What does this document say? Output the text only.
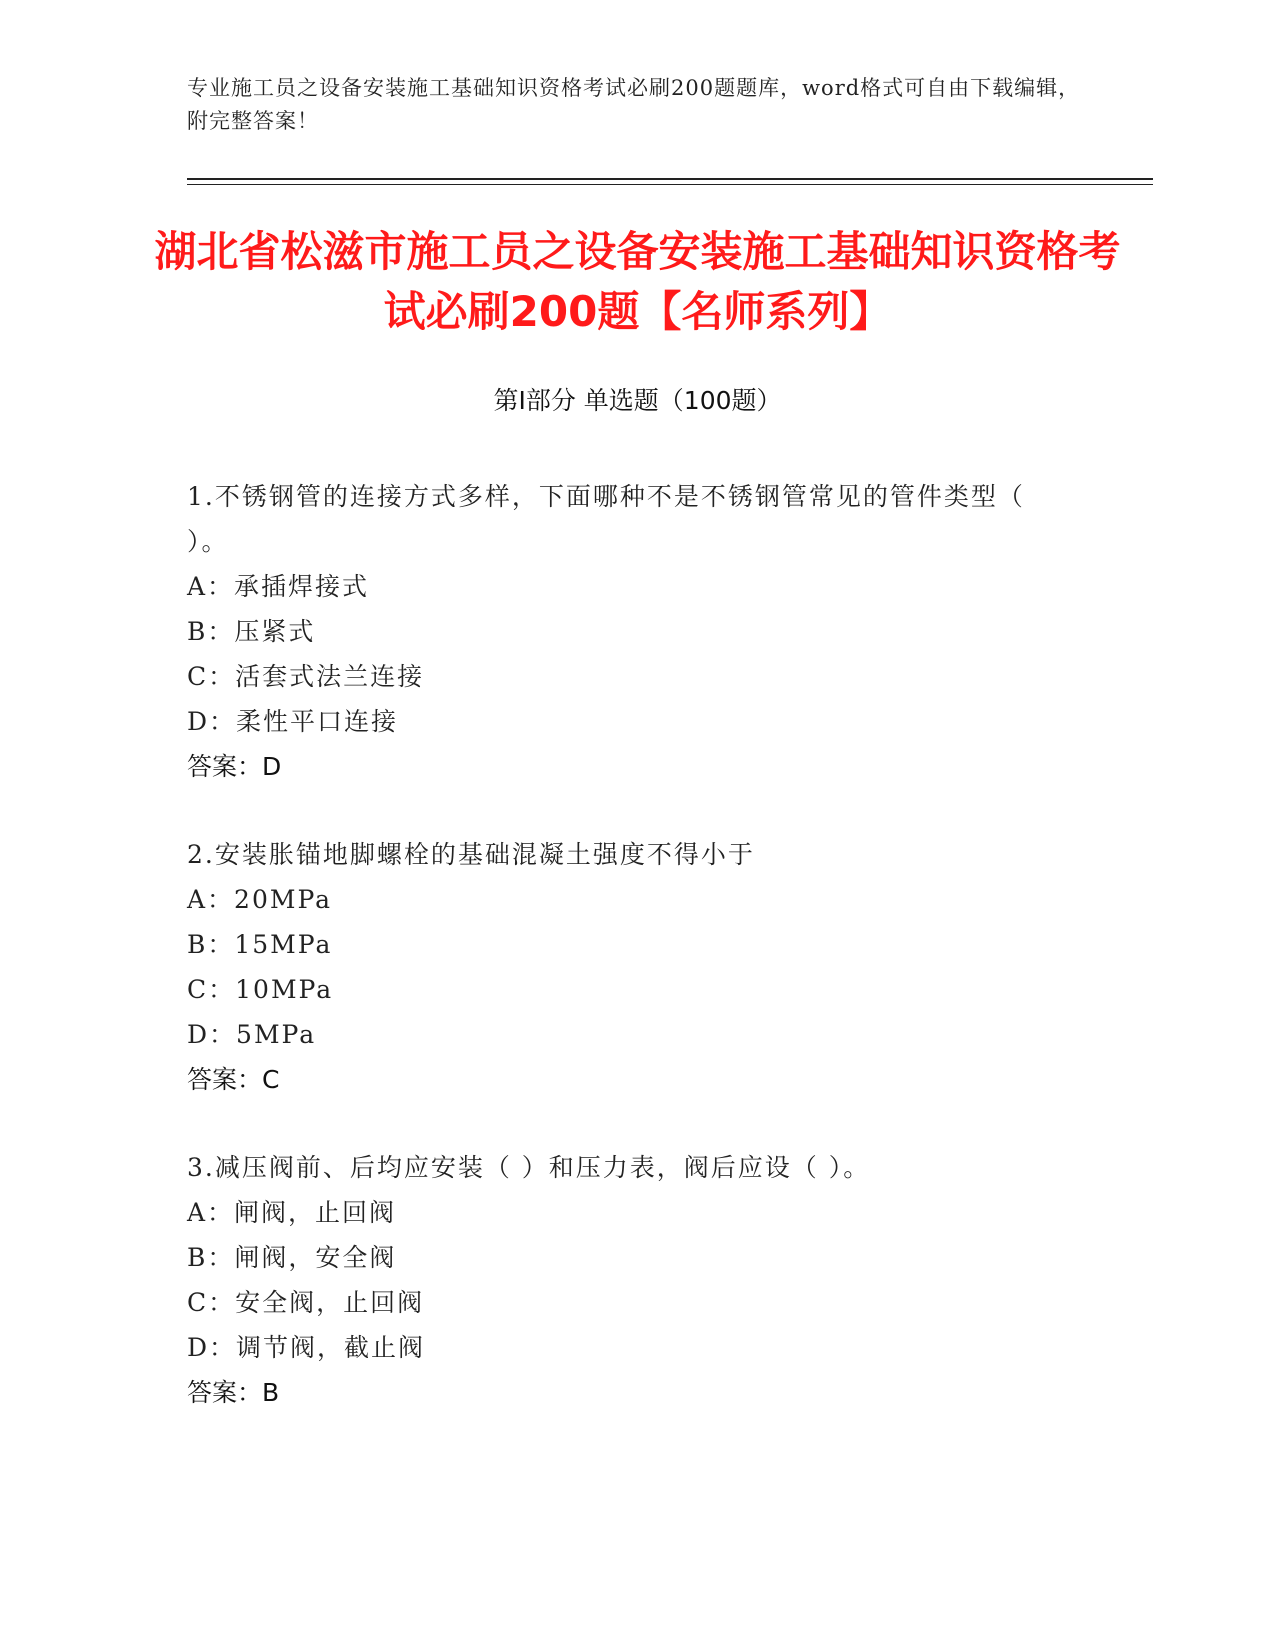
专业施工员之设备安装施工基础知识资格考试必刷200题题库，word格式可自由下载编辑，附完整答案！
湖北省松滋市施工员之设备安装施工基础知识资格考试必刷200题【名师系列】
第Ⅰ部分 单选题（100题）
1.不锈钢管的连接方式多样，下面哪种不是不锈钢管常见的管件类型（ ）。
A：承插焊接式
B：压紧式
C：活套式法兰连接
D：柔性平口连接
答案：D
2.安装胀锚地脚螺栓的基础混凝土强度不得小于
A：20MPa
B：15MPa
C：10MPa
D：5MPa
答案：C
3.减压阀前、后均应安装（ ）和压力表，阀后应设（ ）。
A：闸阀，止回阀
B：闸阀，安全阀
C：安全阀，止回阀
D：调节阀，截止阀
答案：B
